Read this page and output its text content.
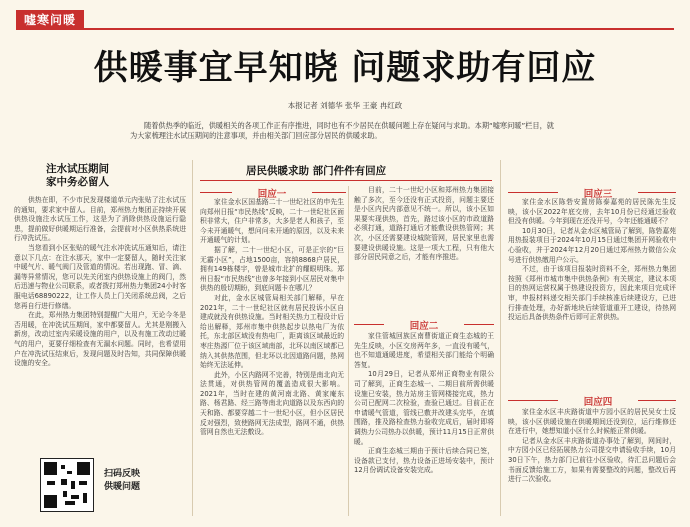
嘘寒问暖
供暖事宜早知晓 问题求助有回应
本报记者 刘德华 张华 王豪 冉红政
随着供热季的临近，供暖相关的各项工作正有序推进，同时也有不少居民在供暖问题上存在疑问与求助。本期“嘘寒问暖”栏目，就为大家梳理注水试压期间的注意事项，并由相关部门回应部分居民的供暖求助。
注水试压期间
家中务必留人

供热在即，不少市民发现楼道单元内张贴了注水试压的通知，要求家中留人。目前，郑州热力集团正持续开展供热设施注水试压工作，这是为了消除供热设施运行隐患，提前做好供暖期运行准备，会提前对小区供热系统进行冲洗试压。

当您看到小区张贴的暖气注水冲洗试压通知后，请注意以下几点：在注水那天，家中一定要留人，随时关注家中暖气片、暖气阀门及管道的情况。若出现跑、冒、滴、漏等异常情况，您可以先关闭室内供热设施上的阀门，然后迅速与物业公司联系，或者拨打郑州热力集团24小时客服电话68890222，让工作人员上门关闭系统总阀，之后您再自行进行修缮。

在此，郑州热力集团特别提醒广大用户，无论今冬是否用暖，在冲洗试压期间，家中都要留人。尤其是刚搬入新房，改动过室内采暖设施的用户，以及有施工改动过暖气的用户，更要仔细检查有无漏水问题。同时，也希望用户在冲洗试压结束后，发现问题及时告知，共同保障供暖设施的安全。

扫码反映
供暖问题
居民供暖求助 部门件件有回应
回应一

家住金水区国基路二十一世纪社区的申先生向郑州日报“市民热线”反映，二十一世纪社区面积非常大，住户非常多，大多是老人和孩子，至今未开通暖气，想问问未开通的原因，以及未来开通暖气的计划。

据了解，二十一世纪小区，可是正宗的“巨无霸小区”，占地1500亩，容纳8868户居民，拥有149栋楼宇，曾是城市北扩的耀眼明珠。郑州日报“市民热线”也曾多年接到小区居民对集中供热的殷切期盼，到底问题卡在哪儿？

对此，金水区城管局相关部门解释，早在2021年，二十一世纪社区就有居民投诉小区自建成就没有供热设施。当时相关热力工程设计后给出解释，郑州市集中供热起步以热电厂为依托，东北部区域没有热电厂，距离该区域最近的枣庄热源厂位于该区域南部，北环以南区域都已纳入其供热范围，但北环以北因道路问题，热网始终无法延伸。

此外，小区内路网不完善，特别是南北向无法贯通，对供热管网的覆盖造成很大影响。2021年，当时在建的黄河南北路、黄家庵东路、杨君路、经三路等南北向道路以及东西向的天和路、都要穿越二十一世纪小区，但小区居民反对强烈，致使路网无法成型，路网不通，供热管网自然也无法敷设。

目前，二十一世纪小区和郑州热力集团接触了多次，至今还没有正式投资，问题主要还是小区内民内部意见不统一。所以，该小区如果要实现供热，首先，路过该小区的市政道路必须打通，道路打通后才能敷设供热管网；其次，小区还需要建设城院管网，居民家里也需要建设供暖设施。这是一项大工程，只有他大部分居民同意之后，才能有序推进。

回应二

家住管城回族区南曹街道正商生态城的王先生反映，小区交房两年多，一直没有暖气，也不知道通暖进度，希望相关部门能给个明确答复。

10月29日，记者从郑州正商物业有限公司了解到，正商生态城一、二期目前所需供暖设施已安装，热力站房主管网楼接完成，热力公司已配网二次检验，查验已通过。目前正在申请暖气管道，管线已敷并改建头完毕，在填围路，推及路检查热力验收完成后，届时即将调热力公司热办以供暖，预计11月15日正常供暖。

正商生态城三期由于预计后续合同已签，设备款已支付，热力设备正进场安装中，预计12月份调试设备安装完成。

回应三

家住金水区陈砦安置房陈泰嘉苑的居民陈先生反映，该小区2022年底交房，去年10月份已经通过验收但没有供暖。今年到现在还没开号，今年还能通暖不？

10月30日，记者从金水区城管局了解到，陈砦嘉苑用热报装项目于2024年10月15日通过集团开网验收中心验收，并于2024年12月20日通过郑州热力微信公众号进行供热缴用户公示。

不过，由于该项目报装时资料不全，郑州热力集团按照《郑州市城市集中供热条例》有关规定，建议本项目的热网运营权属于热建设投资方，因此来项目完成评审，申报材料递交相关部门手续核准后续建设方，已进行排查处理，办好新地块后续管道重开工建设，待热网投运后具备供热条件后即可正常供热。

回应四

家住金水区丰庆路街道中方园小区的居民吴女士反映，该小区供暖设施在供暖期间还没到位，运行维修还在进行中，她想知道小区什么时候能正常供暖。

记者从金水区丰庆路街道办事处了解到，网间时，中方园小区已经拓展热力公司提交申请验收手续，10月30日下午，热力部门已前往小区验收，待汇总问题后会书面反馈给施工方，如果有需要整改的问题，整改后再进行二次验收。
